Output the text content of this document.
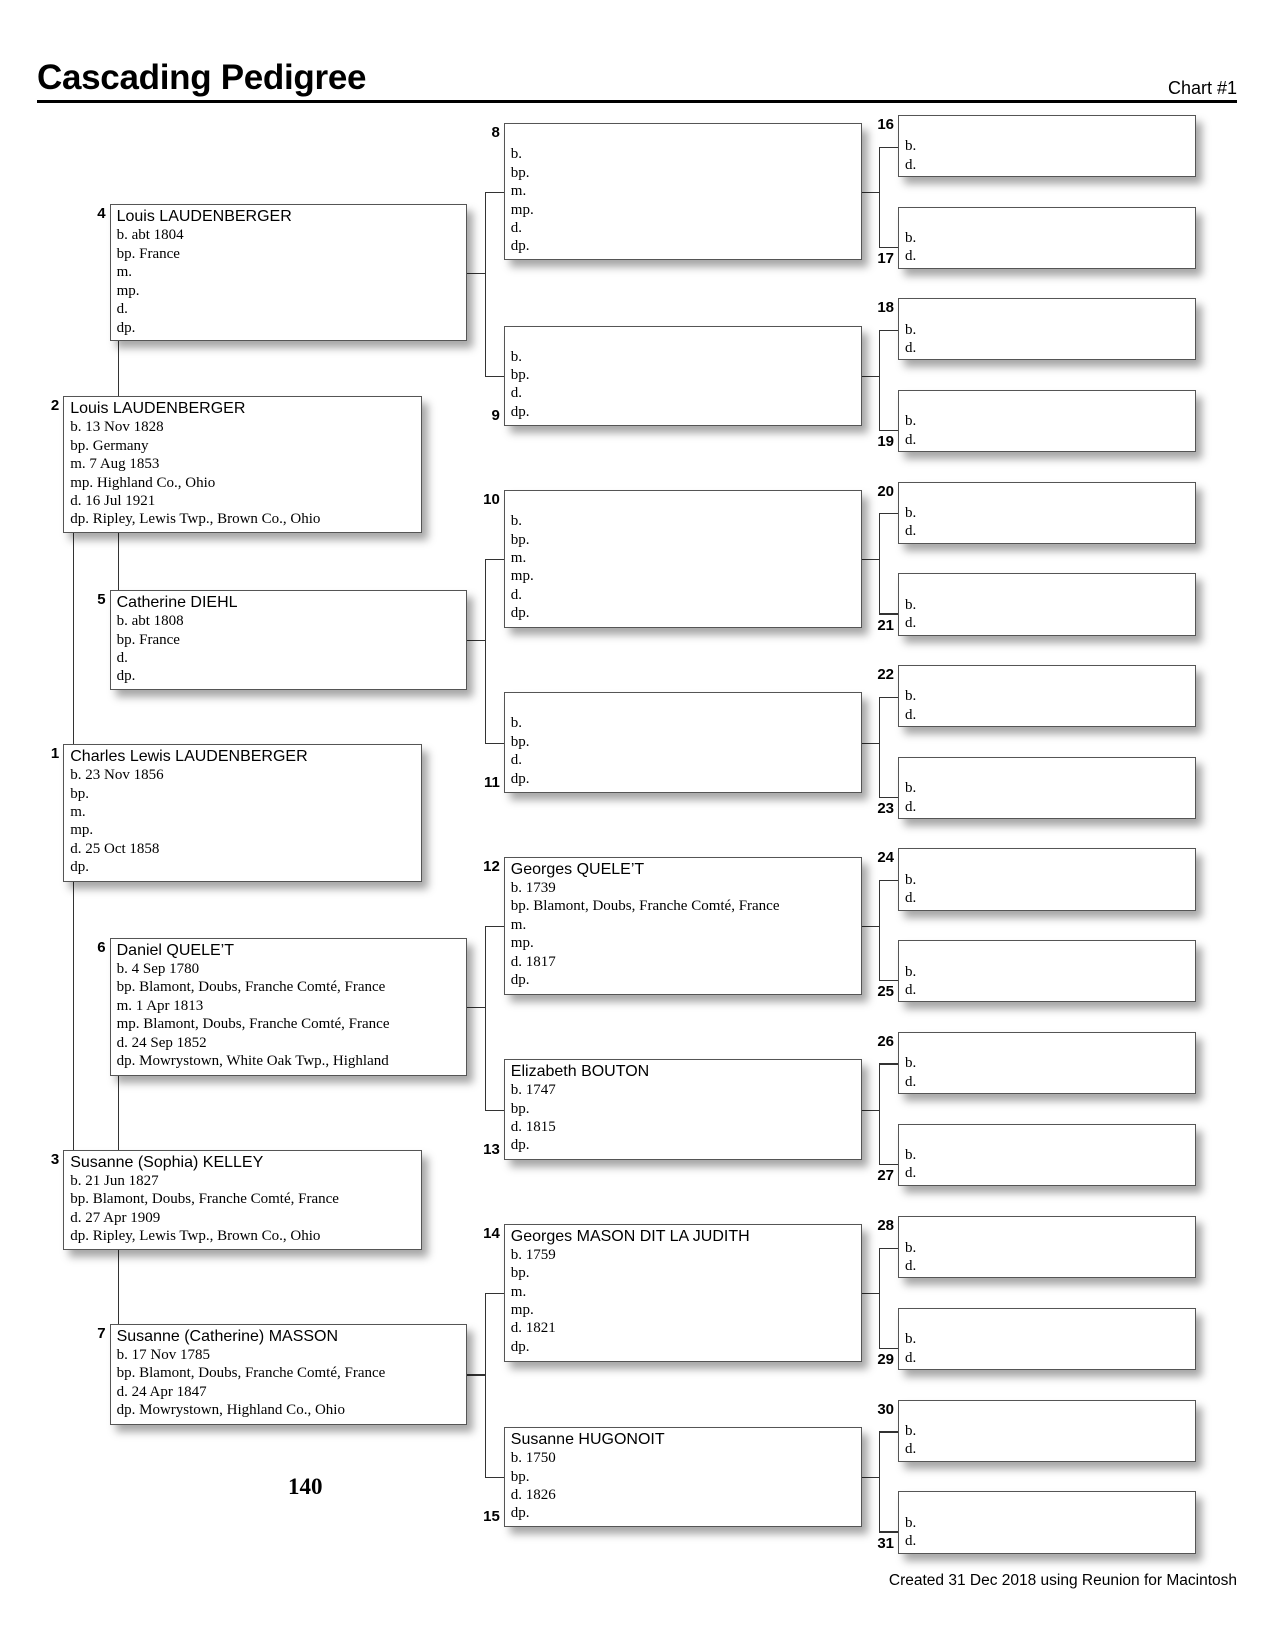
Cascading Pedigree	Chart #1
Charles Lewis LAUDENBERGER
b. 23 Nov 1856
bp.
m.
mp.
d. 25 Oct 1858
dp.
1
Louis LAUDENBERGER
b. 13 Nov 1828
bp. Germany
m. 7 Aug 1853
mp. Highland Co., Ohio
d. 16 Jul 1921
dp. Ripley, Lewis Twp., Brown Co., Ohio
2
Susanne (Sophia) KELLEY
b. 21 Jun 1827
bp. Blamont, Doubs, Franche Comté, France
d. 27 Apr 1909
dp. Ripley, Lewis Twp., Brown Co., Ohio
3
Louis LAUDENBERGER
b. abt 1804
bp. France
m.
mp.
d.
dp.
4
Catherine DIEHL
b. abt 1808
bp. France
d.
dp.
5
Daniel QUELE’T
b. 4 Sep 1780
bp. Blamont, Doubs, Franche Comté, France
m. 1 Apr 1813
mp. Blamont, Doubs, Franche Comté, France
d. 24 Sep 1852
dp. Mowrystown, White Oak Twp., Highland
6
Susanne (Catherine) MASSON
b. 17 Nov 1785
bp. Blamont, Doubs, Franche Comté, France
d. 24 Apr 1847
dp. Mowrystown, Highland Co., Ohio
7
b.
bp.
m.
mp.
d.
dp.
8
b.
bp.
d.
dp.
9
b.
bp.
m.
mp.
d.
dp.
10
b.
bp.
d.
dp.
11
Georges QUELE’T
b. 1739
bp. Blamont, Doubs, Franche Comté, France
m.
mp.
d. 1817
dp.
12
Elizabeth BOUTON
b. 1747
bp.
d. 1815
dp.
13
Georges MASON DIT LA JUDITH
b. 1759
bp.
m.
mp.
d. 1821
dp.
14
Susanne HUGONOIT
b. 1750
bp.
d. 1826
dp.
15
b.
d.
16
b.
d.
17
b.
d.
18
b.
d.
19
b.
d.
20
b.
d.
21
b.
d.
22
b.
d.
23
b.
d.
24
b.
d.
25
b.
d.
26
b.
d.
27
b.
d.
28
b.
d.
29
b.
d.
30
b.
d.
31
140
Created 31 Dec 2018 using Reunion for Macintosh
